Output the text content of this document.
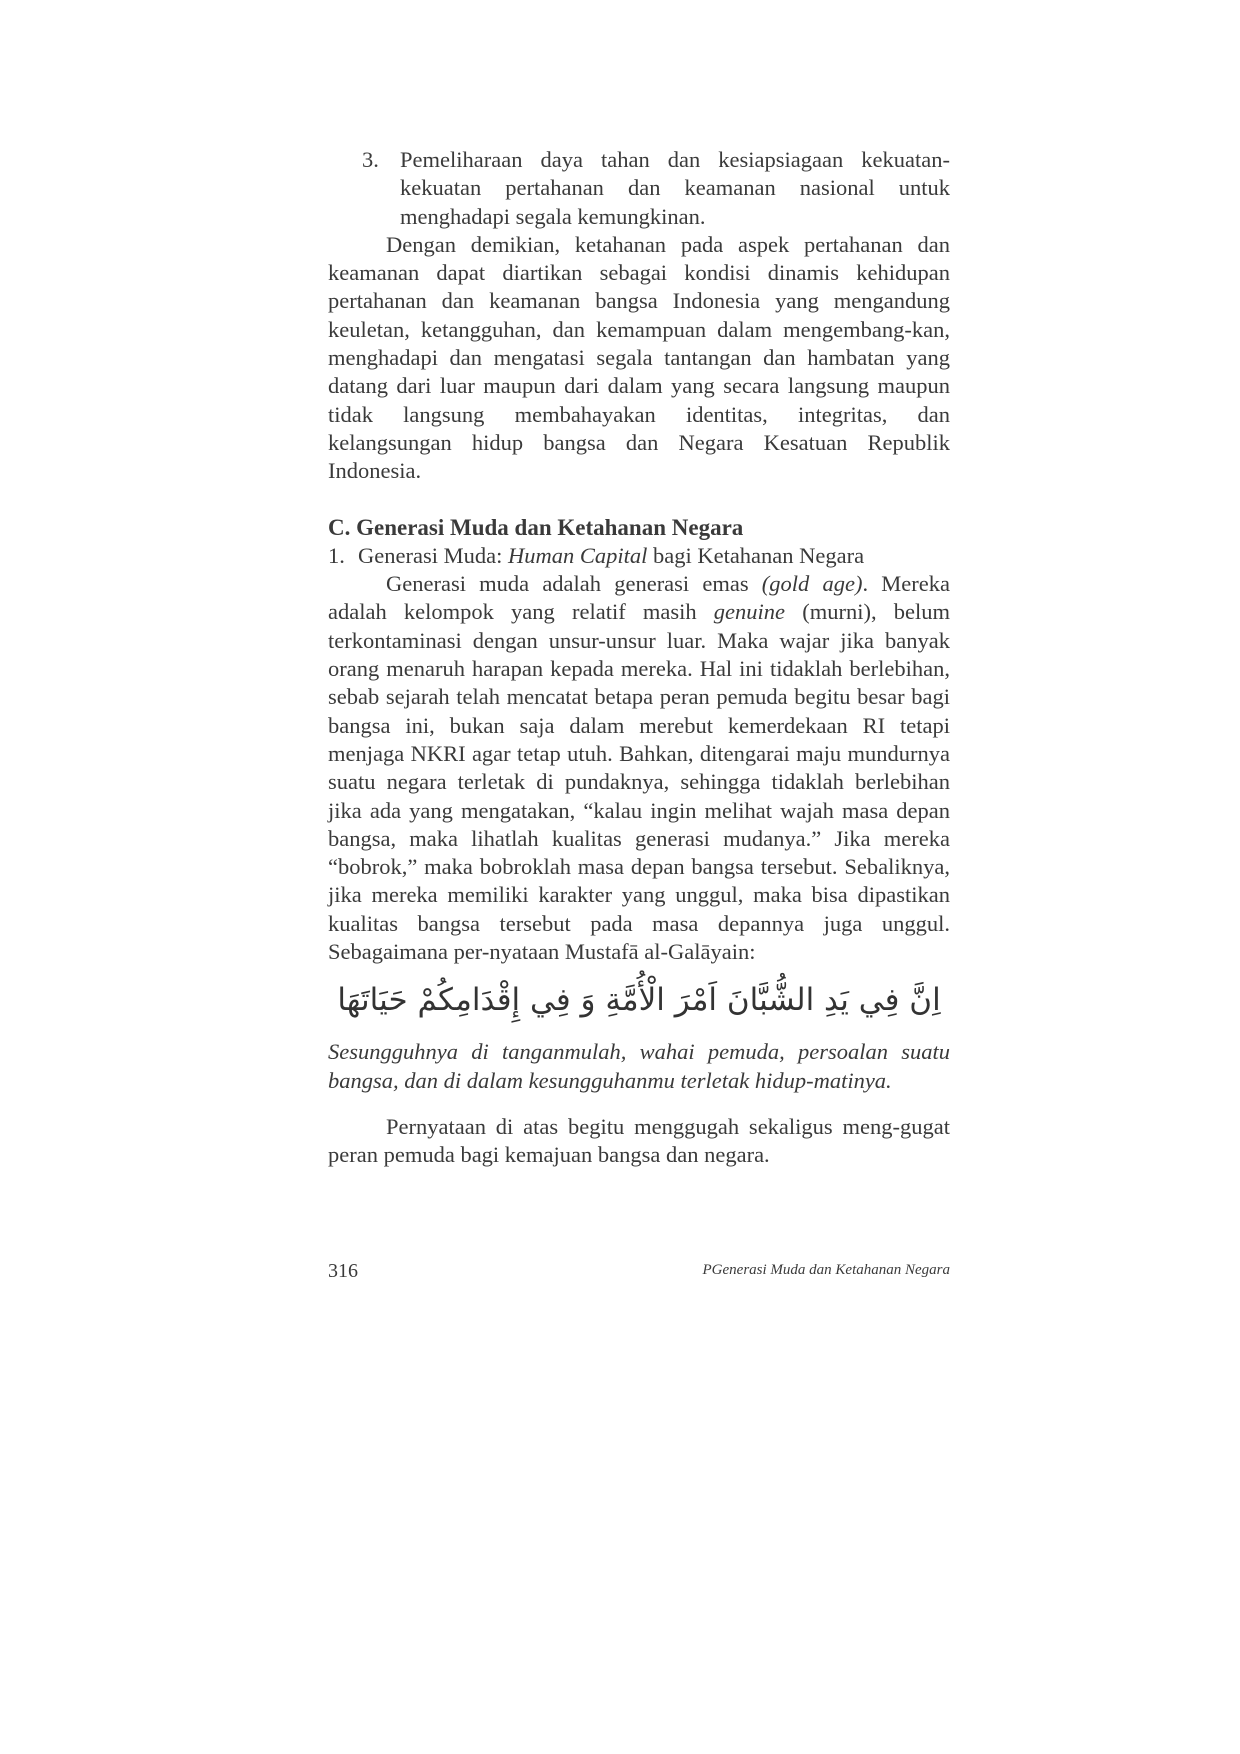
3. Pemeliharaan daya tahan dan kesiapsiagaan kekuatan-kekuatan pertahanan dan keamanan nasional untuk menghadapi segala kemungkinan.

Dengan demikian, ketahanan pada aspek pertahanan dan keamanan dapat diartikan sebagai kondisi dinamis kehidupan pertahanan dan keamanan bangsa Indonesia yang mengandung keuletan, ketangguhan, dan kemampuan dalam mengembang-kan, menghadapi dan mengatasi segala tantangan dan hambatan yang datang dari luar maupun dari dalam yang secara langsung maupun tidak langsung membahayakan identitas, integritas, dan kelangsungan hidup bangsa dan Negara Kesatuan Republik Indonesia.

C. Generasi Muda dan Ketahanan Negara
1. Generasi Muda: Human Capital bagi Ketahanan Negara

Generasi muda adalah generasi emas (gold age). Mereka adalah kelompok yang relatif masih genuine (murni), belum terkontaminasi dengan unsur-unsur luar. Maka wajar jika banyak orang menaruh harapan kepada mereka. Hal ini tidaklah berlebihan, sebab sejarah telah mencatat betapa peran pemuda begitu besar bagi bangsa ini, bukan saja dalam merebut kemerdekaan RI tetapi menjaga NKRI agar tetap utuh. Bahkan, ditengarai maju mundurnya suatu negara terletak di pundaknya, sehingga tidaklah berlebihan jika ada yang mengatakan, “kalau ingin melihat wajah masa depan bangsa, maka lihatlah kualitas generasi mudanya.” Jika mereka “bobrok,” maka bobroklah masa depan bangsa tersebut. Sebaliknya, jika mereka memiliki karakter yang unggul, maka bisa dipastikan kualitas bangsa tersebut pada masa depannya juga unggul. Sebagaimana per-nyataan Mustafā al-Galāyain:

اِنَّ فِي يَدِ الشُّبَّانَ اَمْرَ الْأُمَّةِ وَ فِي إِقْدَامِكُمْ حَيَاتَهَا

Sesungguhnya di tanganmulah, wahai pemuda, persoalan suatu bangsa, dan di dalam kesungguhanmu terletak hidup-matinya.

Pernyataan di atas begitu menggugah sekaligus meng-gugat peran pemuda bagi kemajuan bangsa dan negara.

316	PGenerasi Muda dan Ketahanan Negara
